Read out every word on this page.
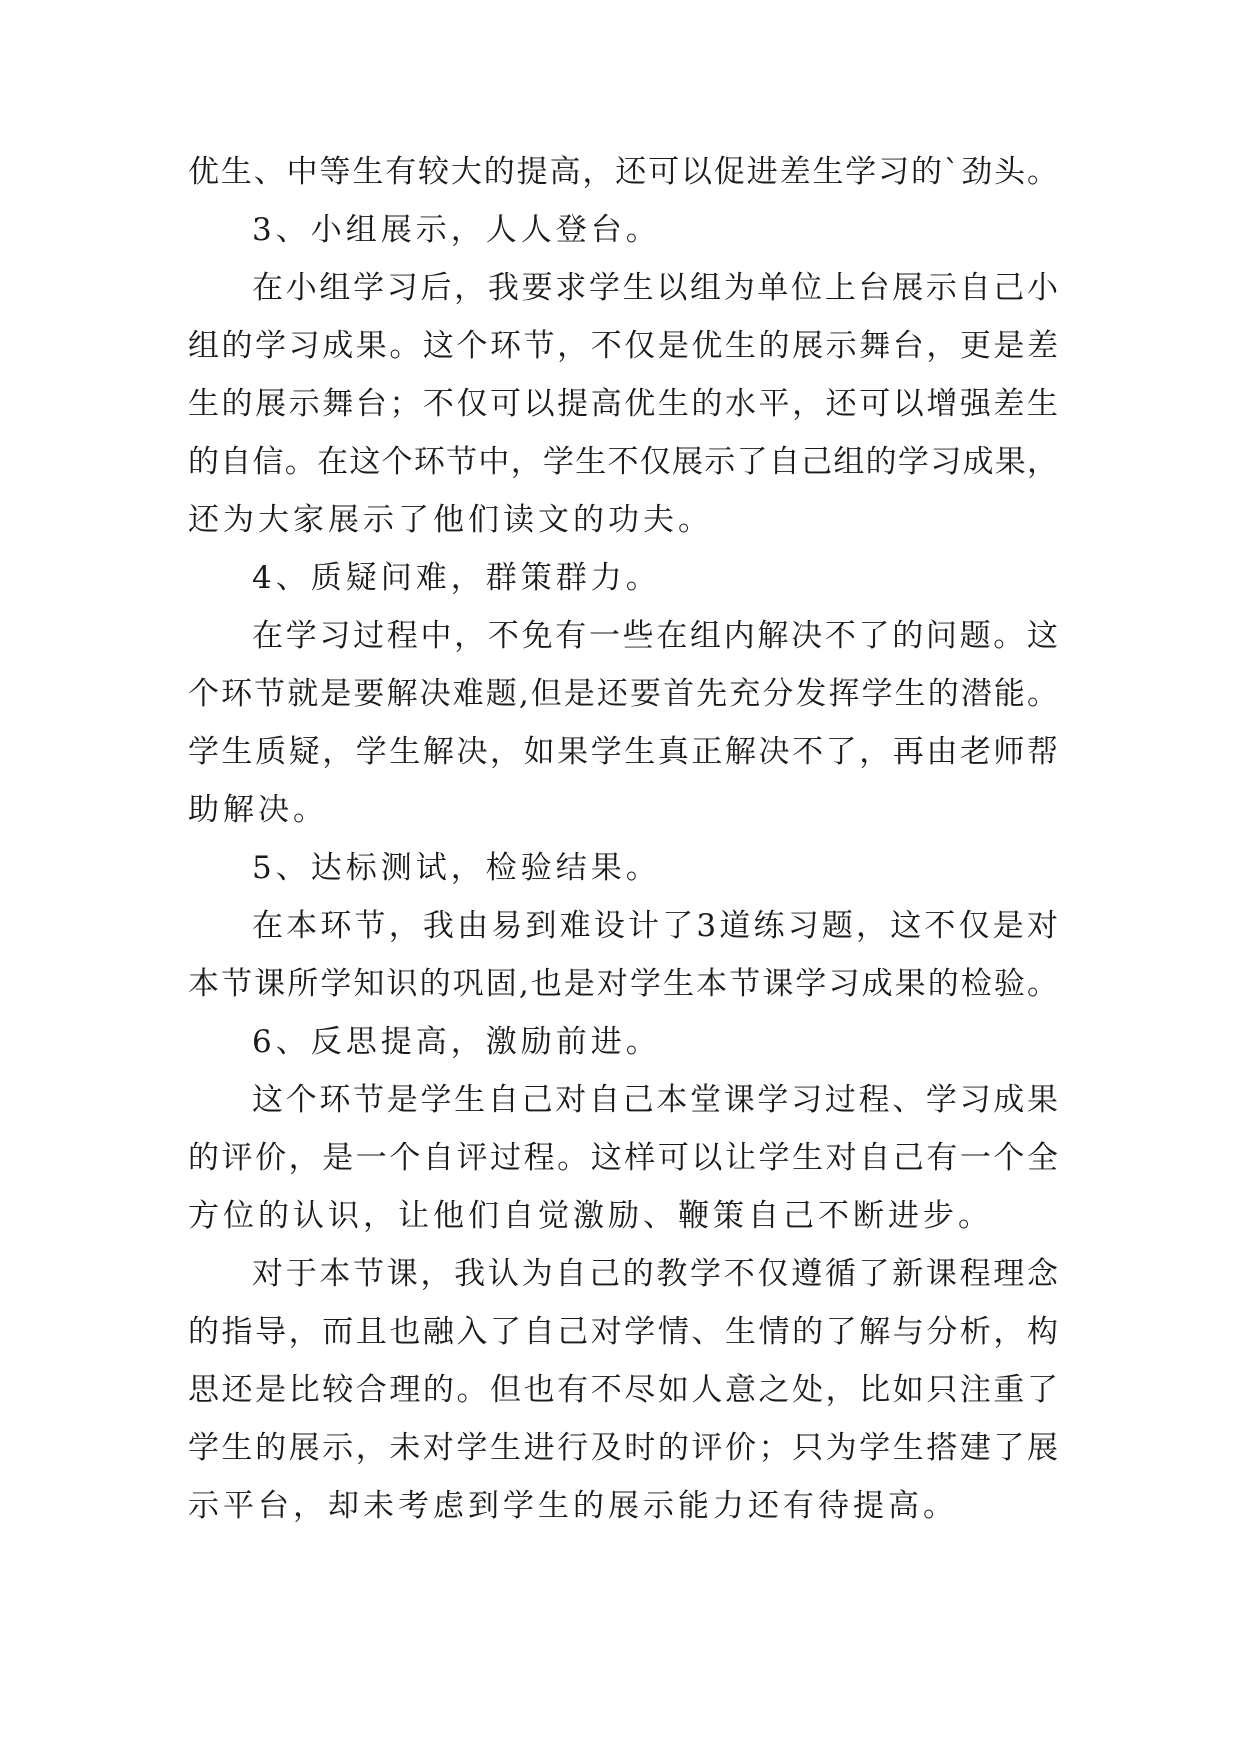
优生、中等生有较大的提高，还可以促进差生学习的`劲头。
3、小组展示，人人登台。
在小组学习后，我要求学生以组为单位上台展示自己小
组的学习成果。这个环节，不仅是优生的展示舞台，更是差
生的展示舞台；不仅可以提高优生的水平，还可以增强差生
的自信。在这个环节中，学生不仅展示了自己组的学习成果，
还为大家展示了他们读文的功夫。
4、质疑问难，群策群力。
在学习过程中，不免有一些在组内解决不了的问题。这
个环节就是要解决难题,但是还要首先充分发挥学生的潜能。
学生质疑，学生解决，如果学生真正解决不了，再由老师帮
助解决。
5、达标测试，检验结果。
在本环节，我由易到难设计了3道练习题，这不仅是对
本节课所学知识的巩固,也是对学生本节课学习成果的检验。
6、反思提高，激励前进。
这个环节是学生自己对自己本堂课学习过程、学习成果
的评价，是一个自评过程。这样可以让学生对自己有一个全
方位的认识，让他们自觉激励、鞭策自己不断进步。
对于本节课，我认为自己的教学不仅遵循了新课程理念
的指导，而且也融入了自己对学情、生情的了解与分析，构
思还是比较合理的。但也有不尽如人意之处，比如只注重了
学生的展示，未对学生进行及时的评价；只为学生搭建了展
示平台，却未考虑到学生的展示能力还有待提高。
